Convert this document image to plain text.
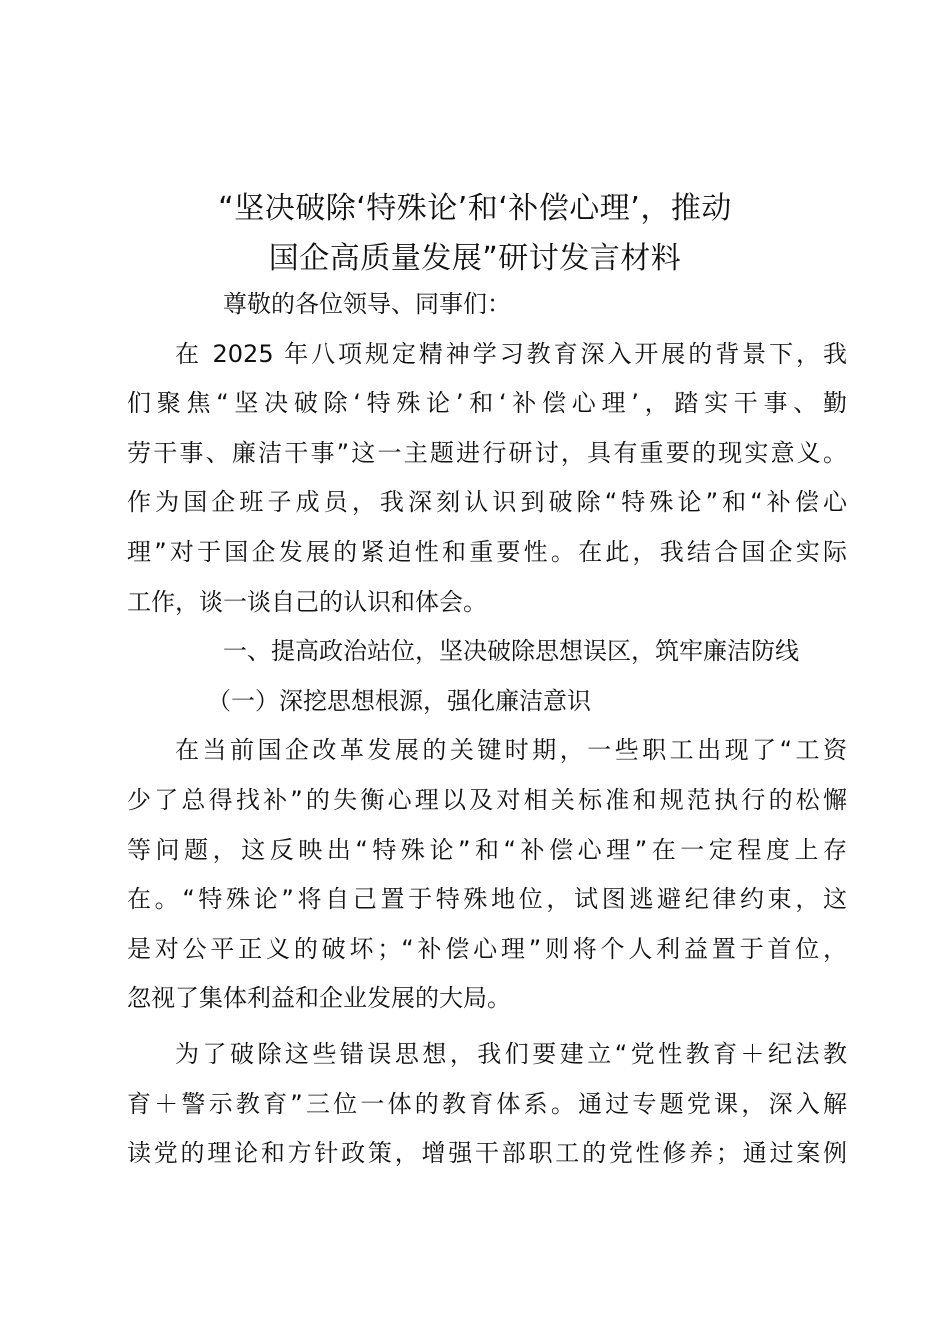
“坚决破除‘特殊论’和‘补偿心理’，推动
国企高质量发展”研讨发言材料

尊敬的各位领导、同事们：

在 2025 年八项规定精神学习教育深入开展的背景下，我
们聚焦“坚决破除‘特殊论’和‘补偿心理’，踏实干事、勤
劳干事、廉洁干事”这一主题进行研讨，具有重要的现实意义。
作为国企班子成员，我深刻认识到破除“特殊论”和“补偿心
理”对于国企发展的紧迫性和重要性。在此，我结合国企实际
工作，谈一谈自己的认识和体会。

一、提高政治站位，坚决破除思想误区，筑牢廉洁防线

（一）深挖思想根源，强化廉洁意识

在当前国企改革发展的关键时期，一些职工出现了“工资
少了总得找补”的失衡心理以及对相关标准和规范执行的松懈
等问题，这反映出“特殊论”和“补偿心理”在一定程度上存
在。“特殊论”将自己置于特殊地位，试图逃避纪律约束，这
是对公平正义的破坏；“补偿心理”则将个人利益置于首位，
忽视了集体利益和企业发展的大局。

为了破除这些错误思想，我们要建立“党性教育＋纪法教
育＋警示教育”三位一体的教育体系。通过专题党课，深入解
读党的理论和方针政策，增强干部职工的党性修养；通过案例
